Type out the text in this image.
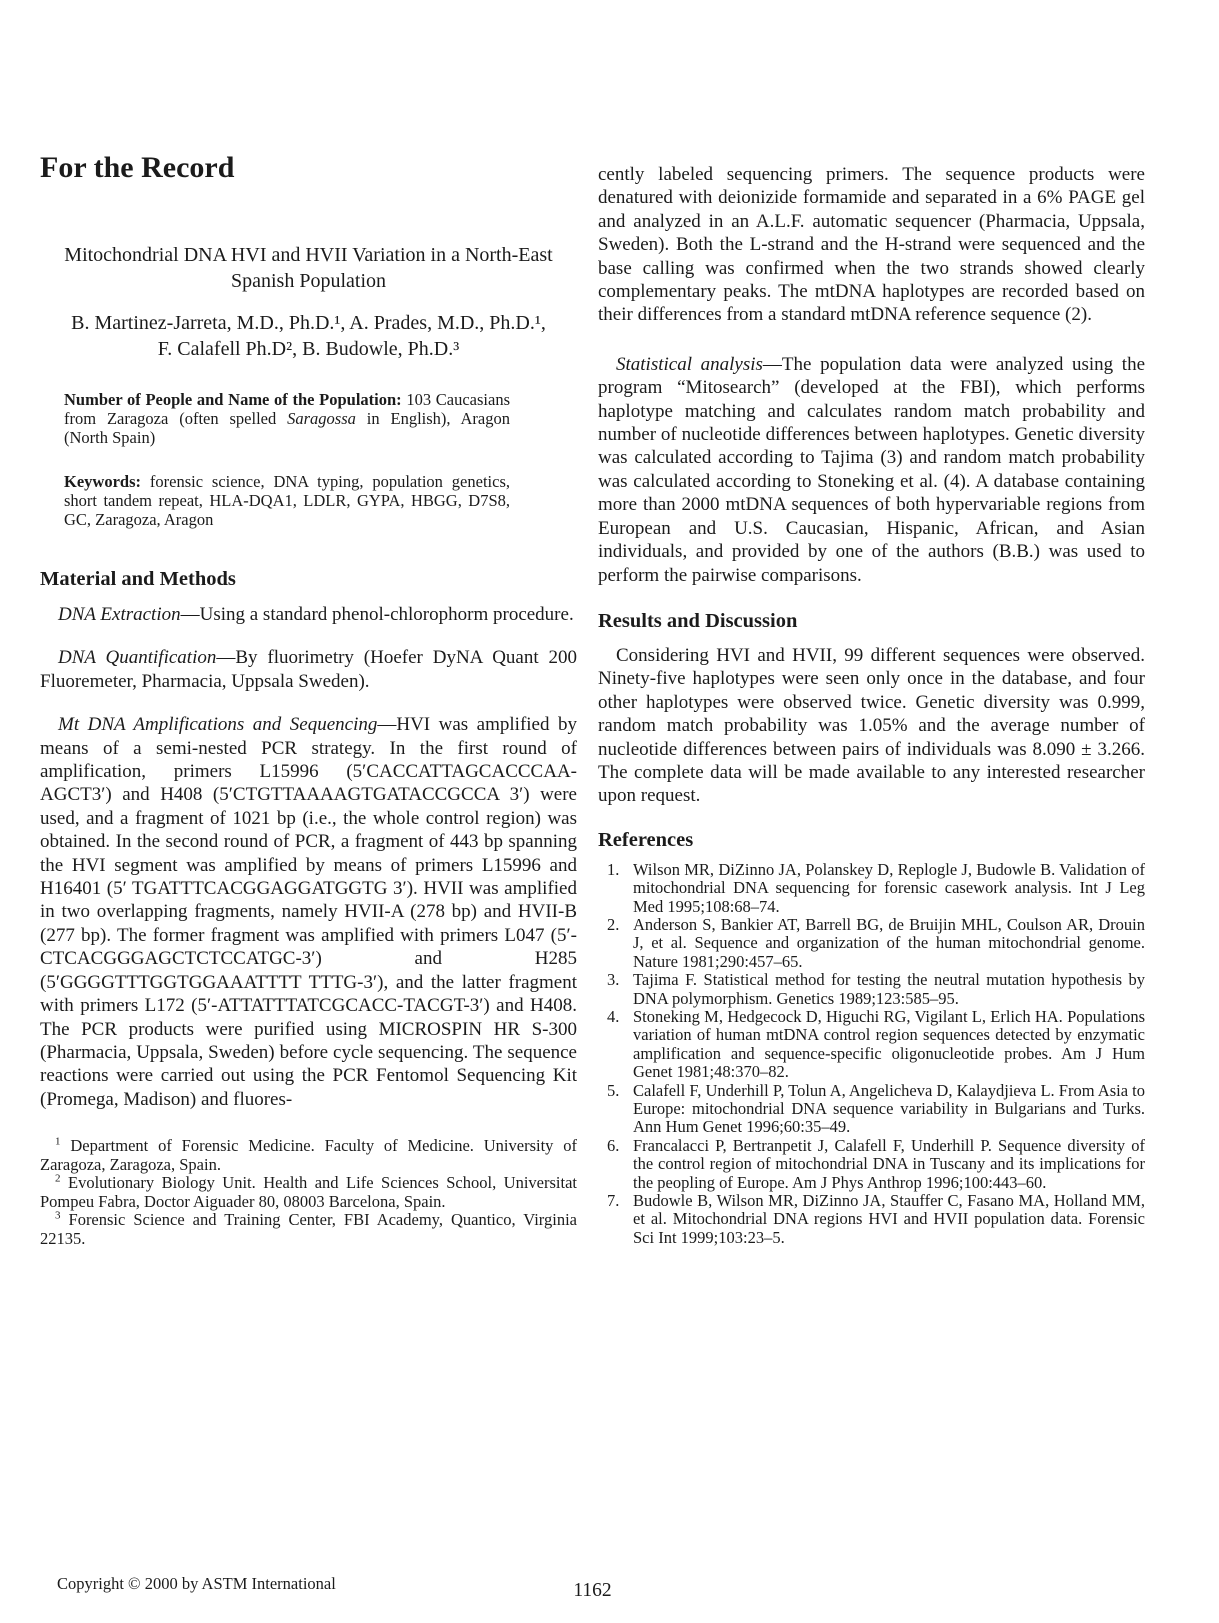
For the Record
Mitochondrial DNA HVI and HVII Variation in a North-East
Spanish Population
B. Martinez-Jarreta, M.D., Ph.D.¹, A. Prades, M.D., Ph.D.¹,
F. Calafell Ph.D², B. Budowle, Ph.D.³

Number of People and Name of the Population: 103 Caucasians from Zaragoza (often spelled Saragossa in English), Aragon (North Spain)

Keywords: forensic science, DNA typing, population genetics, short tandem repeat, HLA-DQA1, LDLR, GYPA, HBGG, D7S8, GC, Zaragoza, Aragon

Material and Methods

DNA Extraction—Using a standard phenol-chlorophorm procedure.

DNA Quantification—By fluorimetry (Hoefer DyNA Quant 200 Fluoremeter, Pharmacia, Uppsala Sweden).

Mt DNA Amplifications and Sequencing—HVI was amplified by means of a semi-nested PCR strategy. In the first round of amplification, primers L15996 (5′CACCATTAGCACCCAA-AGCT3′) and H408 (5′CTGTTAAAAGTGATACCGCCA 3′) were used, and a fragment of 1021 bp (i.e., the whole control region) was obtained. In the second round of PCR, a fragment of 443 bp spanning the HVI segment was amplified by means of primers L15996 and H16401 (5′ TGATTTCACGGAGGATGGTG 3′). HVII was amplified in two overlapping fragments, namely HVII-A (278 bp) and HVII-B (277 bp). The former fragment was amplified with primers L047 (5′-CTCACGGGAGCTCTCCATGC-3′) and H285 (5′GGGGTTTGGTGGAAATTTT TTTG-3′), and the latter fragment with primers L172 (5′-ATTATTTATCGCACC-TACGT-3′) and H408. The PCR products were purified using MICROSPIN HR S-300 (Pharmacia, Uppsala, Sweden) before cycle sequencing. The sequence reactions were carried out using the PCR Fentomol Sequencing Kit (Promega, Madison) and fluores-

$^1$ Department of Forensic Medicine. Faculty of Medicine. University of Zaragoza, Zaragoza, Spain.

$^2$ Evolutionary Biology Unit. Health and Life Sciences School, Universitat Pompeu Fabra, Doctor Aiguader 80, 08003 Barcelona, Spain.

$^3$ Forensic Science and Training Center, FBI Academy, Quantico, Virginia 22135.

cently labeled sequencing primers. The sequence products were denatured with deionizide formamide and separated in a 6% PAGE gel and analyzed in an A.L.F. automatic sequencer (Pharmacia, Uppsala, Sweden). Both the L-strand and the H-strand were sequenced and the base calling was confirmed when the two strands showed clearly complementary peaks. The mtDNA haplotypes are recorded based on their differences from a standard mtDNA reference sequence (2).

Statistical analysis—The population data were analyzed using the program “Mitosearch” (developed at the FBI), which performs haplotype matching and calculates random match probability and number of nucleotide differences between haplotypes. Genetic diversity was calculated according to Tajima (3) and random match probability was calculated according to Stoneking et al. (4). A database containing more than 2000 mtDNA sequences of both hypervariable regions from European and U.S. Caucasian, Hispanic, African, and Asian individuals, and provided by one of the authors (B.B.) was used to perform the pairwise comparisons.

Results and Discussion

Considering HVI and HVII, 99 different sequences were observed. Ninety-five haplotypes were seen only once in the database, and four other haplotypes were observed twice. Genetic diversity was 0.999, random match probability was 1.05% and the average number of nucleotide differences between pairs of individuals was 8.090 ± 3.266. The complete data will be made available to any interested researcher upon request.

References
1. Wilson MR, DiZinno JA, Polanskey D, Replogle J, Budowle B. Validation of mitochondrial DNA sequencing for forensic casework analysis. Int J Leg Med 1995;108:68–74.
2. Anderson S, Bankier AT, Barrell BG, de Bruijin MHL, Coulson AR, Drouin J, et al. Sequence and organization of the human mitochondrial genome. Nature 1981;290:457–65.
3. Tajima F. Statistical method for testing the neutral mutation hypothesis by DNA polymorphism. Genetics 1989;123:585–95.
4. Stoneking M, Hedgecock D, Higuchi RG, Vigilant L, Erlich HA. Populations variation of human mtDNA control region sequences detected by enzymatic amplification and sequence-specific oligonucleotide probes. Am J Hum Genet 1981;48:370–82.
5. Calafell F, Underhill P, Tolun A, Angelicheva D, Kalaydjieva L. From Asia to Europe: mitochondrial DNA sequence variability in Bulgarians and Turks. Ann Hum Genet 1996;60:35–49.
6. Francalacci P, Bertranpetit J, Calafell F, Underhill P. Sequence diversity of the control region of mitochondrial DNA in Tuscany and its implications for the peopling of Europe. Am J Phys Anthrop 1996;100:443–60.
7. Budowle B, Wilson MR, DiZinno JA, Stauffer C, Fasano MA, Holland MM, et al. Mitochondrial DNA regions HVI and HVII population data. Forensic Sci Int 1999;103:23–5.
Copyright © 2000 by ASTM International	1162
